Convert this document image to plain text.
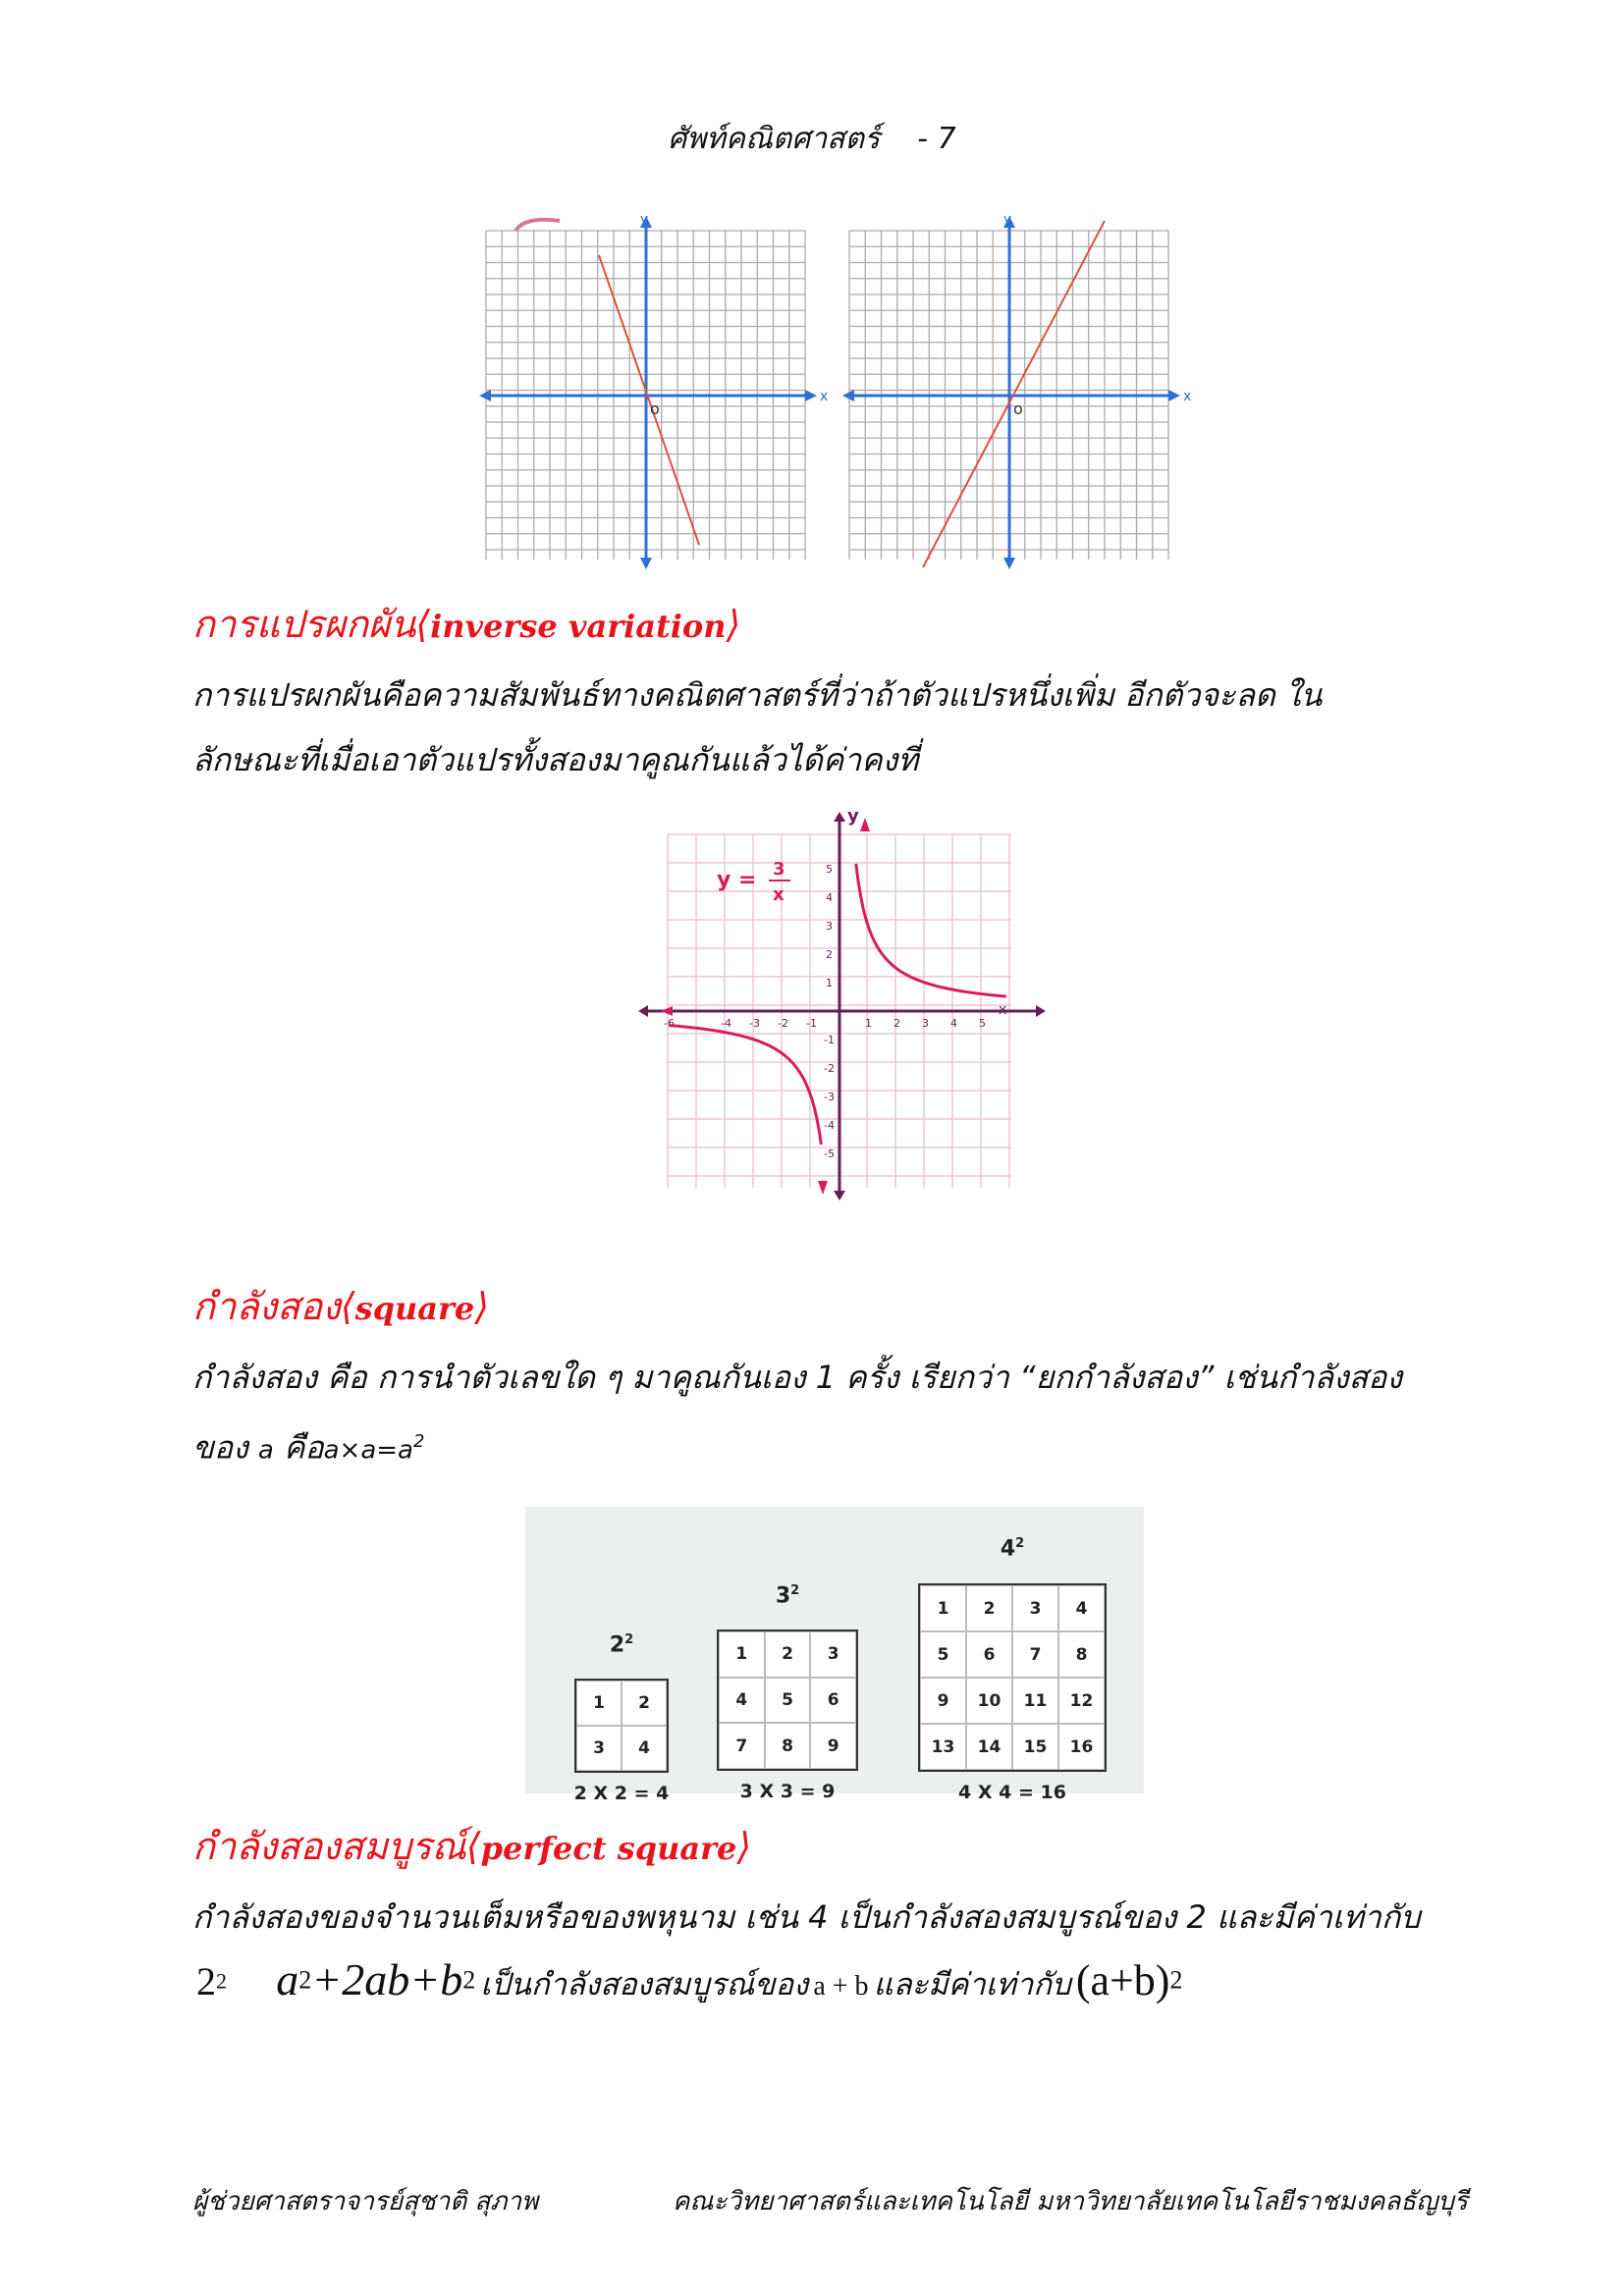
ศัพท์คณิตศาสตร์ - 7
x
y
o
x
y
o
การแปรผกผัน⟨inverse variation⟩
การแปรผกผันคือความสัมพันธ์ทางคณิตศาสตร์ที่ว่าถ้าตัวแปรหนึ่งเพิ่ม อีกตัวจะลด ใน
ลักษณะที่เมื่อเอาตัวแปรทั้งสองมาคูณกันแล้วได้ค่าคงที่
y
x
1 2 3 4 5
-6	-4 -3 -2 -1
1
2
3
4
5
-1
-2
-3
-4
-5
y = 3
x
กำลังสอง⟨square⟩
กำลังสอง คือ การนำตัวเลขใด ๆ มาคูณกันเอง 1 ครั้ง เรียกว่า “ยกกำลังสอง” เช่นกำลังสอง
ของ a คือ$a\times a=a^2$
$2^2$
1	2
3	4
2 X 2 = 4
$3^2$
1	2	3
4	5	6
7	8	9
3 X 3 = 9
$4^2$
1	2	3	4
5	6	7	8
9	10	11	12
13	14	15	16
4 X 4 = 16
กำลังสองสมบูรณ์⟨perfect square⟩
กำลังสองของจำนวนเต็มหรือของพหุนาม เช่น 4 เป็นกำลังสองสมบูรณ์ของ 2 และมีค่าเท่ากับ
$2^2$ $a^2+2ab+b^2$ เป็นกำลังสองสมบูรณ์ของ a + b และมีค่าเท่ากับ $(a+b)^2$
ผู้ช่วยศาสตราจารย์สุชาติ สุภาพ	คณะวิทยาศาสตร์และเทคโนโลยี มหาวิทยาลัยเทคโนโลยีราชมงคลธัญบุรี
